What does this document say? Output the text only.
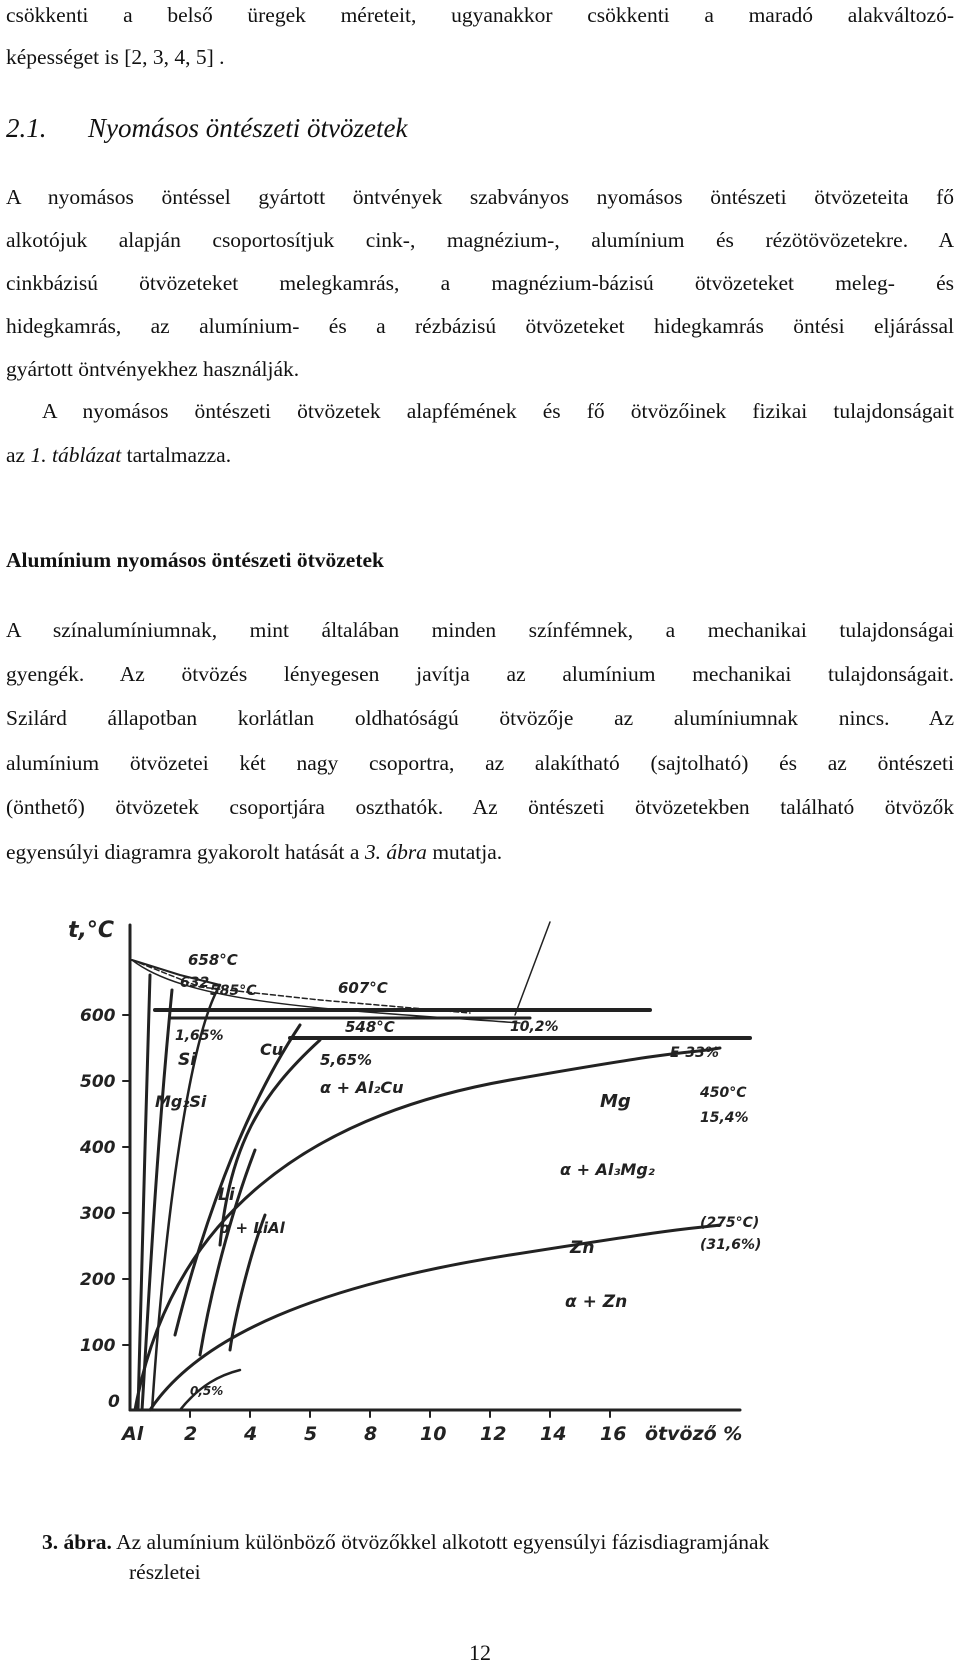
csökkenti a belső üregek méreteit, ugyanakkor csökkenti a maradó alakváltozó-
képességet is [2, 3, 4, 5] .
2.1. Nyomásos öntészeti ötvözetek
A nyomásos öntéssel gyártott öntvények szabványos nyomásos öntészeti ötvözeteita fő
alkotójuk alapján csoportosítjuk cink-, magnézium-, alumínium és rézötövözetekre. A
cinkbázisú ötvözeteket melegkamrás, a magnézium-bázisú ötvözeteket meleg- és
hidegkamrás, az alumínium- és a rézbázisú ötvözeteket hidegkamrás öntési eljárással
gyártott öntvényekhez használják.
A nyomásos öntészeti ötvözetek alapfémének és fő ötvözőinek fizikai tulajdonságait
az 1. táblázat tartalmazza.
Alumínium nyomásos öntészeti ötvözetek
A színalumíniumnak, mint általában minden színfémnek, a mechanikai tulajdonságai
gyengék. Az ötvözés lényegesen javítja az alumínium mechanikai tulajdonságait.
Szilárd állapotban korlátlan oldhatóságú ötvözője az alumíniumnak nincs. Az
alumínium ötvözetei két nagy csoportra, az alakítható (sajtolható) és az öntészeti
(önthető) ötvözetek csoportjára oszthatók. Az öntészeti ötvözetekben található ötvözők
egyensúlyi diagramra gyakorolt hatását a 3. ábra mutatja.
t,°C
600
500
400
300
200
100
0
Al 2 4 5 8 10 12 14 16 ötvöző %
658°C
632 585°C	607°C
1,65%
Si
Mg₂Si
Cu
548°C
5,65%
α + Al₂Cu
10,2%
E-33%
Mg	450°C
15,4%
α + Al₃Mg₂
Li
α + LiAl
Zn
(275°C)
(31,6%)
α + Zn
0,5%
3. ábra. Az alumínium különböző ötvözőkkel alkotott egyensúlyi fázisdiagramjának
részletei
12
